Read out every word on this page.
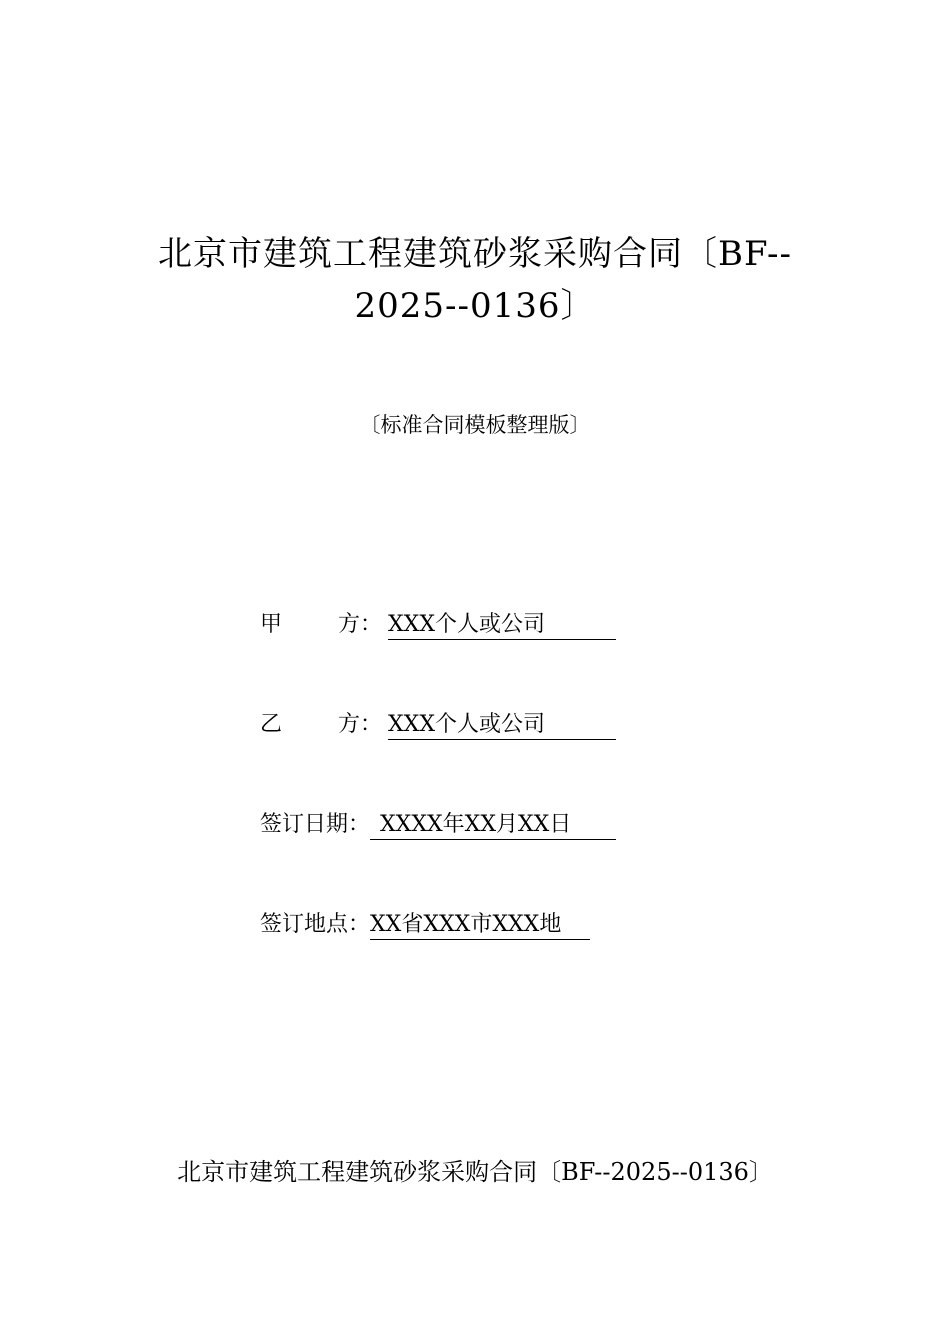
北京市建筑工程建筑砂浆采购合同〔BF--
2025--0136〕
〔标准合同模板整理版〕
甲	方： XXX个人或公司
乙	方： XXX个人或公司
签订日期： XXXX年XX月XX日
签订地点：XX省XXX市XXX地
北京市建筑工程建筑砂浆采购合同〔BF--2025--0136〕
